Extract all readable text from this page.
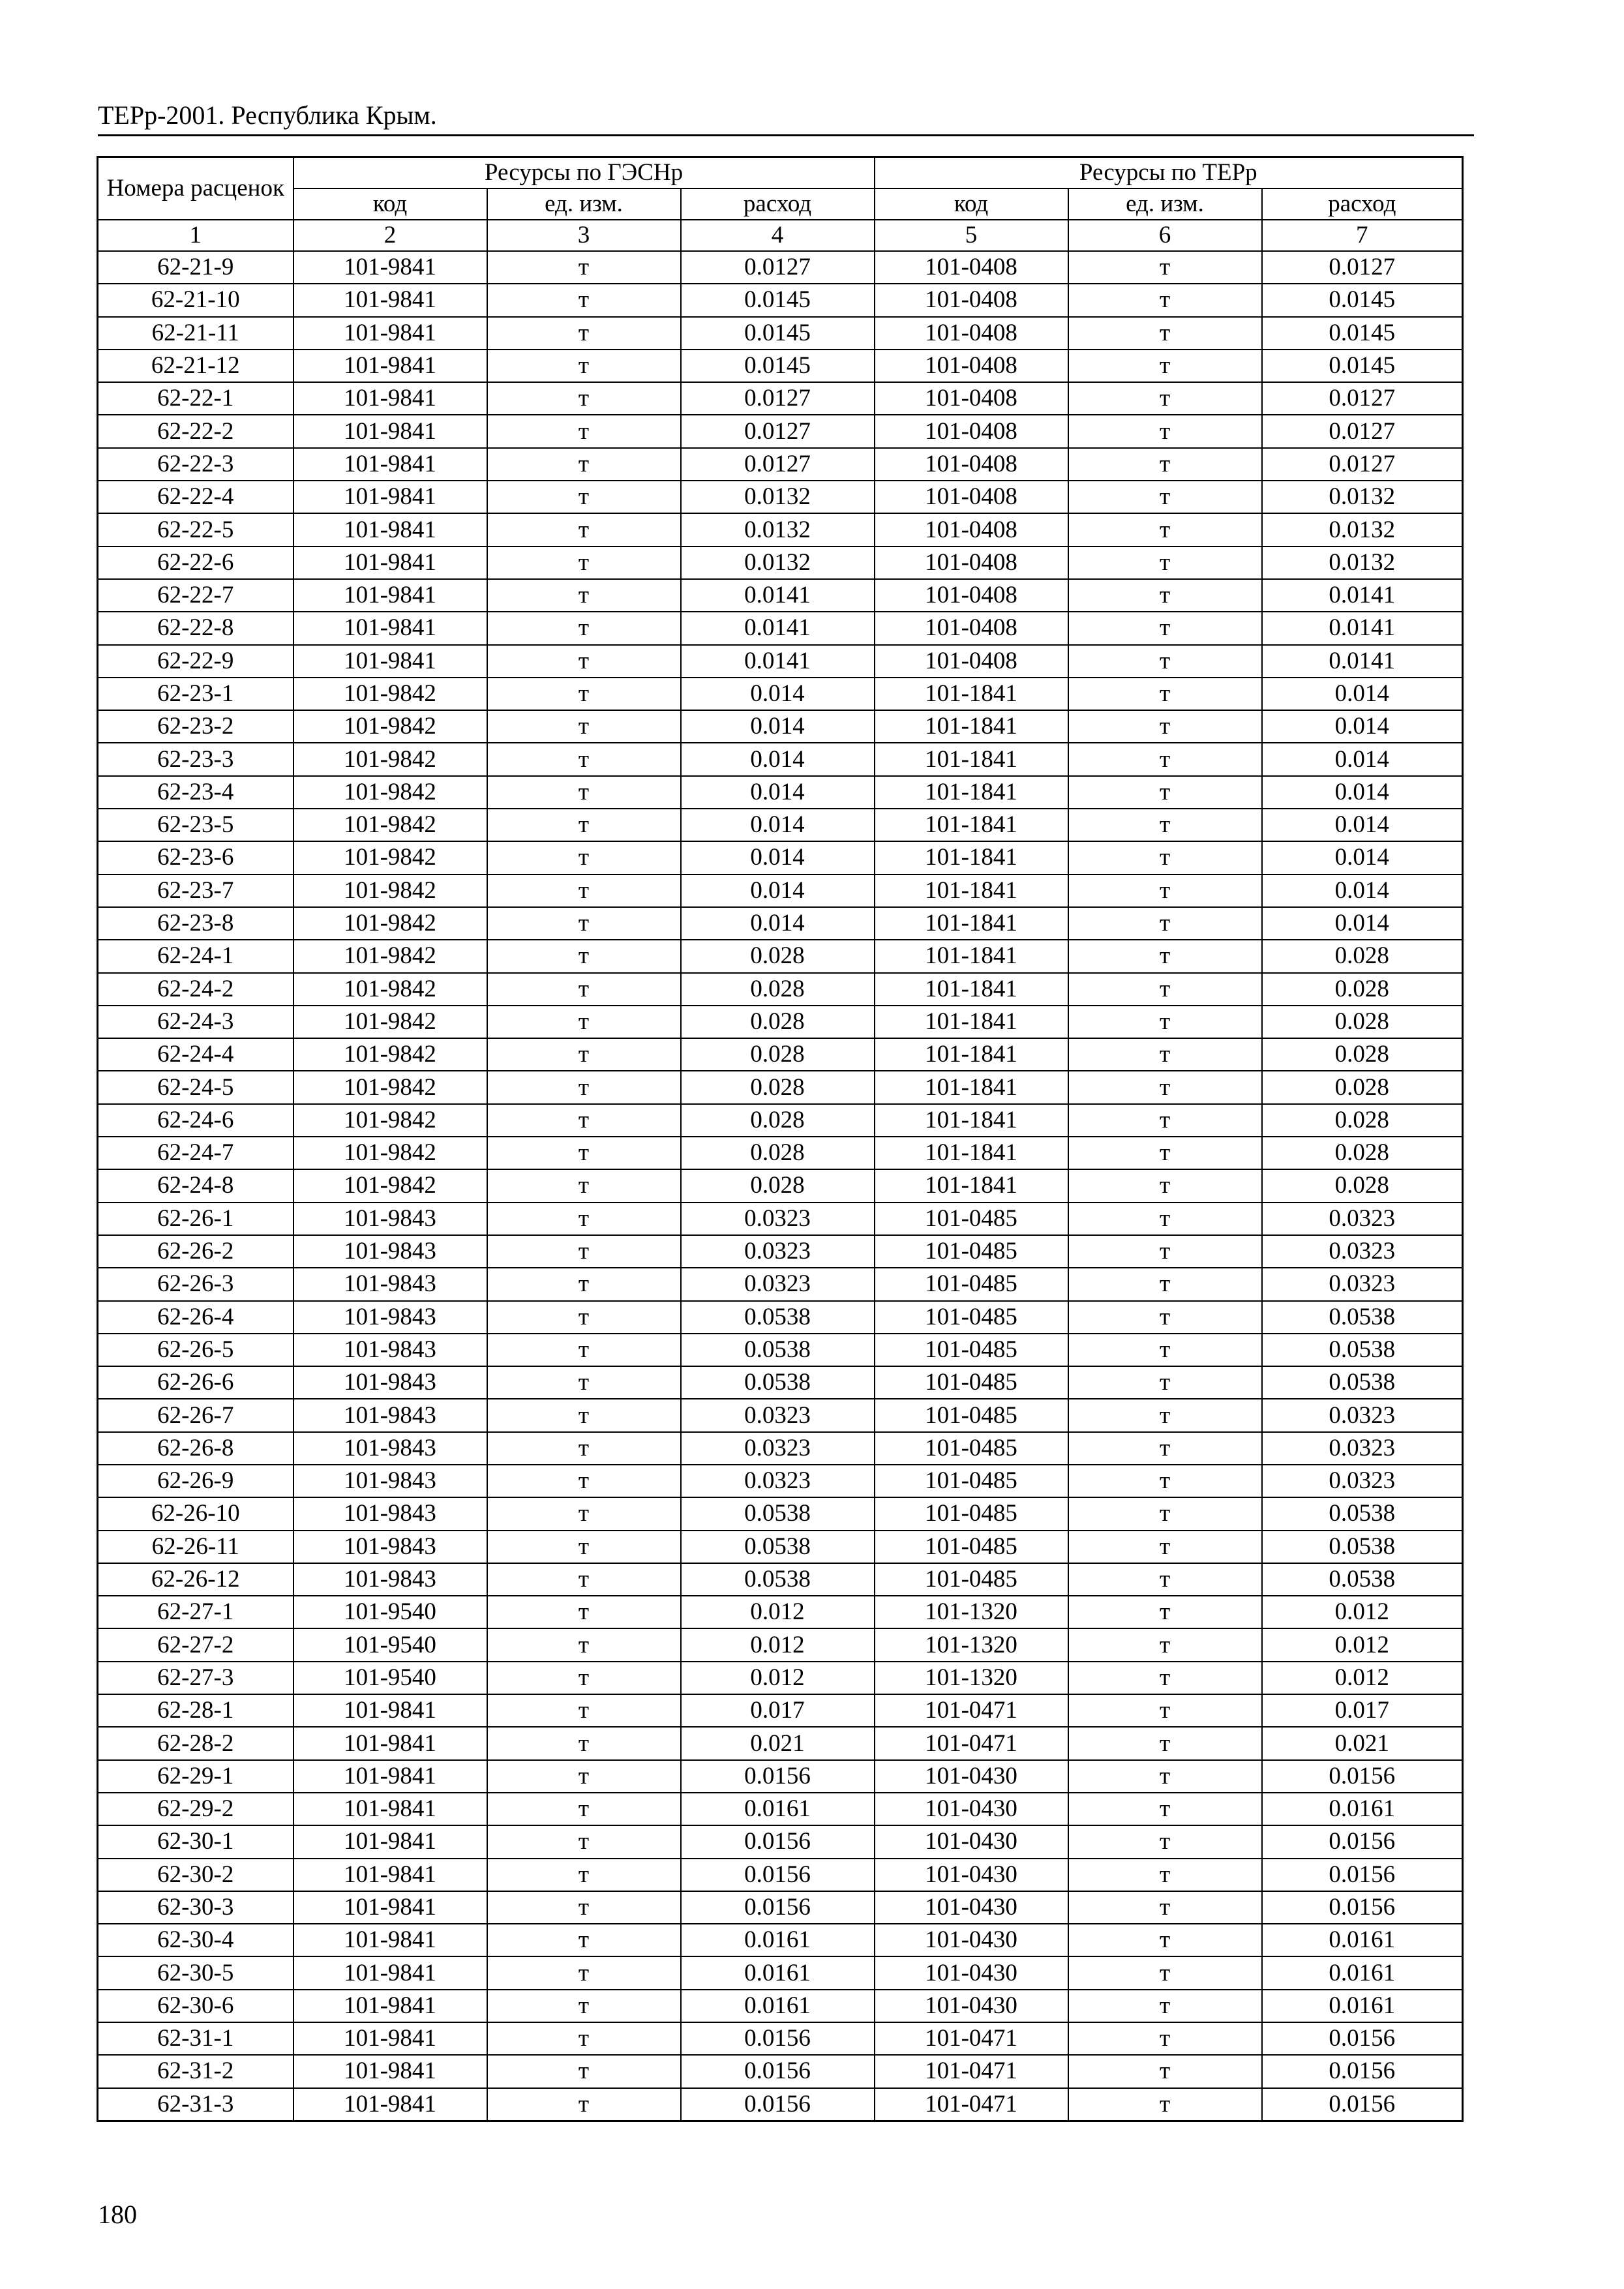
ТЕРр-2001. Республика Крым.
Номера расценок	Ресурсы по ГЭСНр			Ресурсы по ТЕРр		
	код	ед. изм.	расход	код	ед. изм.	расход
1	2	3	4	5	6	7
62-21-9	101-9841	т	0.0127	101-0408	т	0.0127
62-21-10	101-9841	т	0.0145	101-0408	т	0.0145
62-21-11	101-9841	т	0.0145	101-0408	т	0.0145
62-21-12	101-9841	т	0.0145	101-0408	т	0.0145
62-22-1	101-9841	т	0.0127	101-0408	т	0.0127
62-22-2	101-9841	т	0.0127	101-0408	т	0.0127
62-22-3	101-9841	т	0.0127	101-0408	т	0.0127
62-22-4	101-9841	т	0.0132	101-0408	т	0.0132
62-22-5	101-9841	т	0.0132	101-0408	т	0.0132
62-22-6	101-9841	т	0.0132	101-0408	т	0.0132
62-22-7	101-9841	т	0.0141	101-0408	т	0.0141
62-22-8	101-9841	т	0.0141	101-0408	т	0.0141
62-22-9	101-9841	т	0.0141	101-0408	т	0.0141
62-23-1	101-9842	т	0.014	101-1841	т	0.014
62-23-2	101-9842	т	0.014	101-1841	т	0.014
62-23-3	101-9842	т	0.014	101-1841	т	0.014
62-23-4	101-9842	т	0.014	101-1841	т	0.014
62-23-5	101-9842	т	0.014	101-1841	т	0.014
62-23-6	101-9842	т	0.014	101-1841	т	0.014
62-23-7	101-9842	т	0.014	101-1841	т	0.014
62-23-8	101-9842	т	0.014	101-1841	т	0.014
62-24-1	101-9842	т	0.028	101-1841	т	0.028
62-24-2	101-9842	т	0.028	101-1841	т	0.028
62-24-3	101-9842	т	0.028	101-1841	т	0.028
62-24-4	101-9842	т	0.028	101-1841	т	0.028
62-24-5	101-9842	т	0.028	101-1841	т	0.028
62-24-6	101-9842	т	0.028	101-1841	т	0.028
62-24-7	101-9842	т	0.028	101-1841	т	0.028
62-24-8	101-9842	т	0.028	101-1841	т	0.028
62-26-1	101-9843	т	0.0323	101-0485	т	0.0323
62-26-2	101-9843	т	0.0323	101-0485	т	0.0323
62-26-3	101-9843	т	0.0323	101-0485	т	0.0323
62-26-4	101-9843	т	0.0538	101-0485	т	0.0538
62-26-5	101-9843	т	0.0538	101-0485	т	0.0538
62-26-6	101-9843	т	0.0538	101-0485	т	0.0538
62-26-7	101-9843	т	0.0323	101-0485	т	0.0323
62-26-8	101-9843	т	0.0323	101-0485	т	0.0323
62-26-9	101-9843	т	0.0323	101-0485	т	0.0323
62-26-10	101-9843	т	0.0538	101-0485	т	0.0538
62-26-11	101-9843	т	0.0538	101-0485	т	0.0538
62-26-12	101-9843	т	0.0538	101-0485	т	0.0538
62-27-1	101-9540	т	0.012	101-1320	т	0.012
62-27-2	101-9540	т	0.012	101-1320	т	0.012
62-27-3	101-9540	т	0.012	101-1320	т	0.012
62-28-1	101-9841	т	0.017	101-0471	т	0.017
62-28-2	101-9841	т	0.021	101-0471	т	0.021
62-29-1	101-9841	т	0.0156	101-0430	т	0.0156
62-29-2	101-9841	т	0.0161	101-0430	т	0.0161
62-30-1	101-9841	т	0.0156	101-0430	т	0.0156
62-30-2	101-9841	т	0.0156	101-0430	т	0.0156
62-30-3	101-9841	т	0.0156	101-0430	т	0.0156
62-30-4	101-9841	т	0.0161	101-0430	т	0.0161
62-30-5	101-9841	т	0.0161	101-0430	т	0.0161
62-30-6	101-9841	т	0.0161	101-0430	т	0.0161
62-31-1	101-9841	т	0.0156	101-0471	т	0.0156
62-31-2	101-9841	т	0.0156	101-0471	т	0.0156
62-31-3	101-9841	т	0.0156	101-0471	т	0.0156
180
